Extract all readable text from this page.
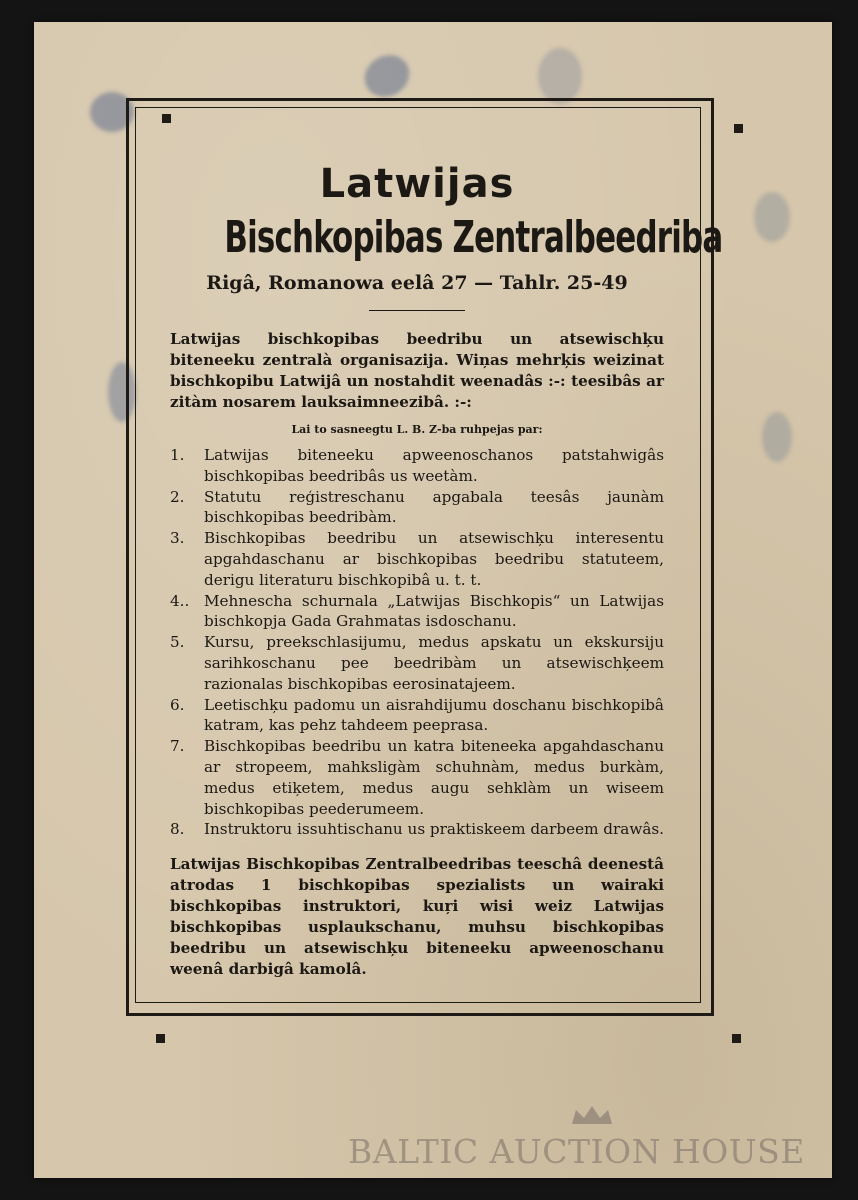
Latwijas
Bischkopibas Zentralbeedriba
Rigâ, Romanowa eelâ 27 — Tahlr. 25-49

Latwijas bischkopibas beedribu un atsewischķu biteneeku zentralà organisazija. Wiņas mehrķis weizinat bischkopibu Latwijâ un nostahdit weenadâs :-: teesibâs ar zitàm nosarem lauksaimneezibâ. :-:

Lai to sasneegtu L. B. Z-ba ruhpejas par:
1. Latwijas biteneeku apweenoschanos patstahwigâs bischkopibas beedribâs us weetàm.
2. Statutu reģistreschanu apgabala teesâs jaunàm bischkopibas beedribàm.
3. Bischkopibas beedribu un atsewischķu interesentu apgahdaschanu ar bischkopibas beedribu statuteem, derigu literaturu bischkopibâ u. t. t.
4.. Mehnescha schurnala „Latwijas Bischkopis“ un Latwijas bischkopja Gada Grahmatas isdoschanu.
5. Kursu, preekschlasijumu, medus apskatu un ekskursiju sarihkoschanu pee beedribàm un atsewischķeem razionalas bischkopibas eerosinatajeem.
6. Leetischķu padomu un aisrahdijumu doschanu bischkopibâ katram, kas pehz tahdeem peeprasa.
7. Bischkopibas beedribu un katra biteneeka apgahdaschanu ar stropeem, mahksligàm schuhnàm, medus burkàm, medus etiķetem, medus augu sehklàm un wiseem bischkopibas peederumeem.
8. Instruktoru issuhtischanu us praktiskeem darbeem drawâs.

Latwijas Bischkopibas Zentralbeedribas teeschâ deenestâ atrodas 1 bischkopibas spezialists un wairaki bischkopibas instruktori, kuŗi wisi weiz Latwijas bischkopibas usplaukschanu, muhsu bischkopibas beedribu un atsewischķu biteneeku apweenoschanu weenâ darbigâ kamolâ.

BALTIC AUCTION HOUSE
